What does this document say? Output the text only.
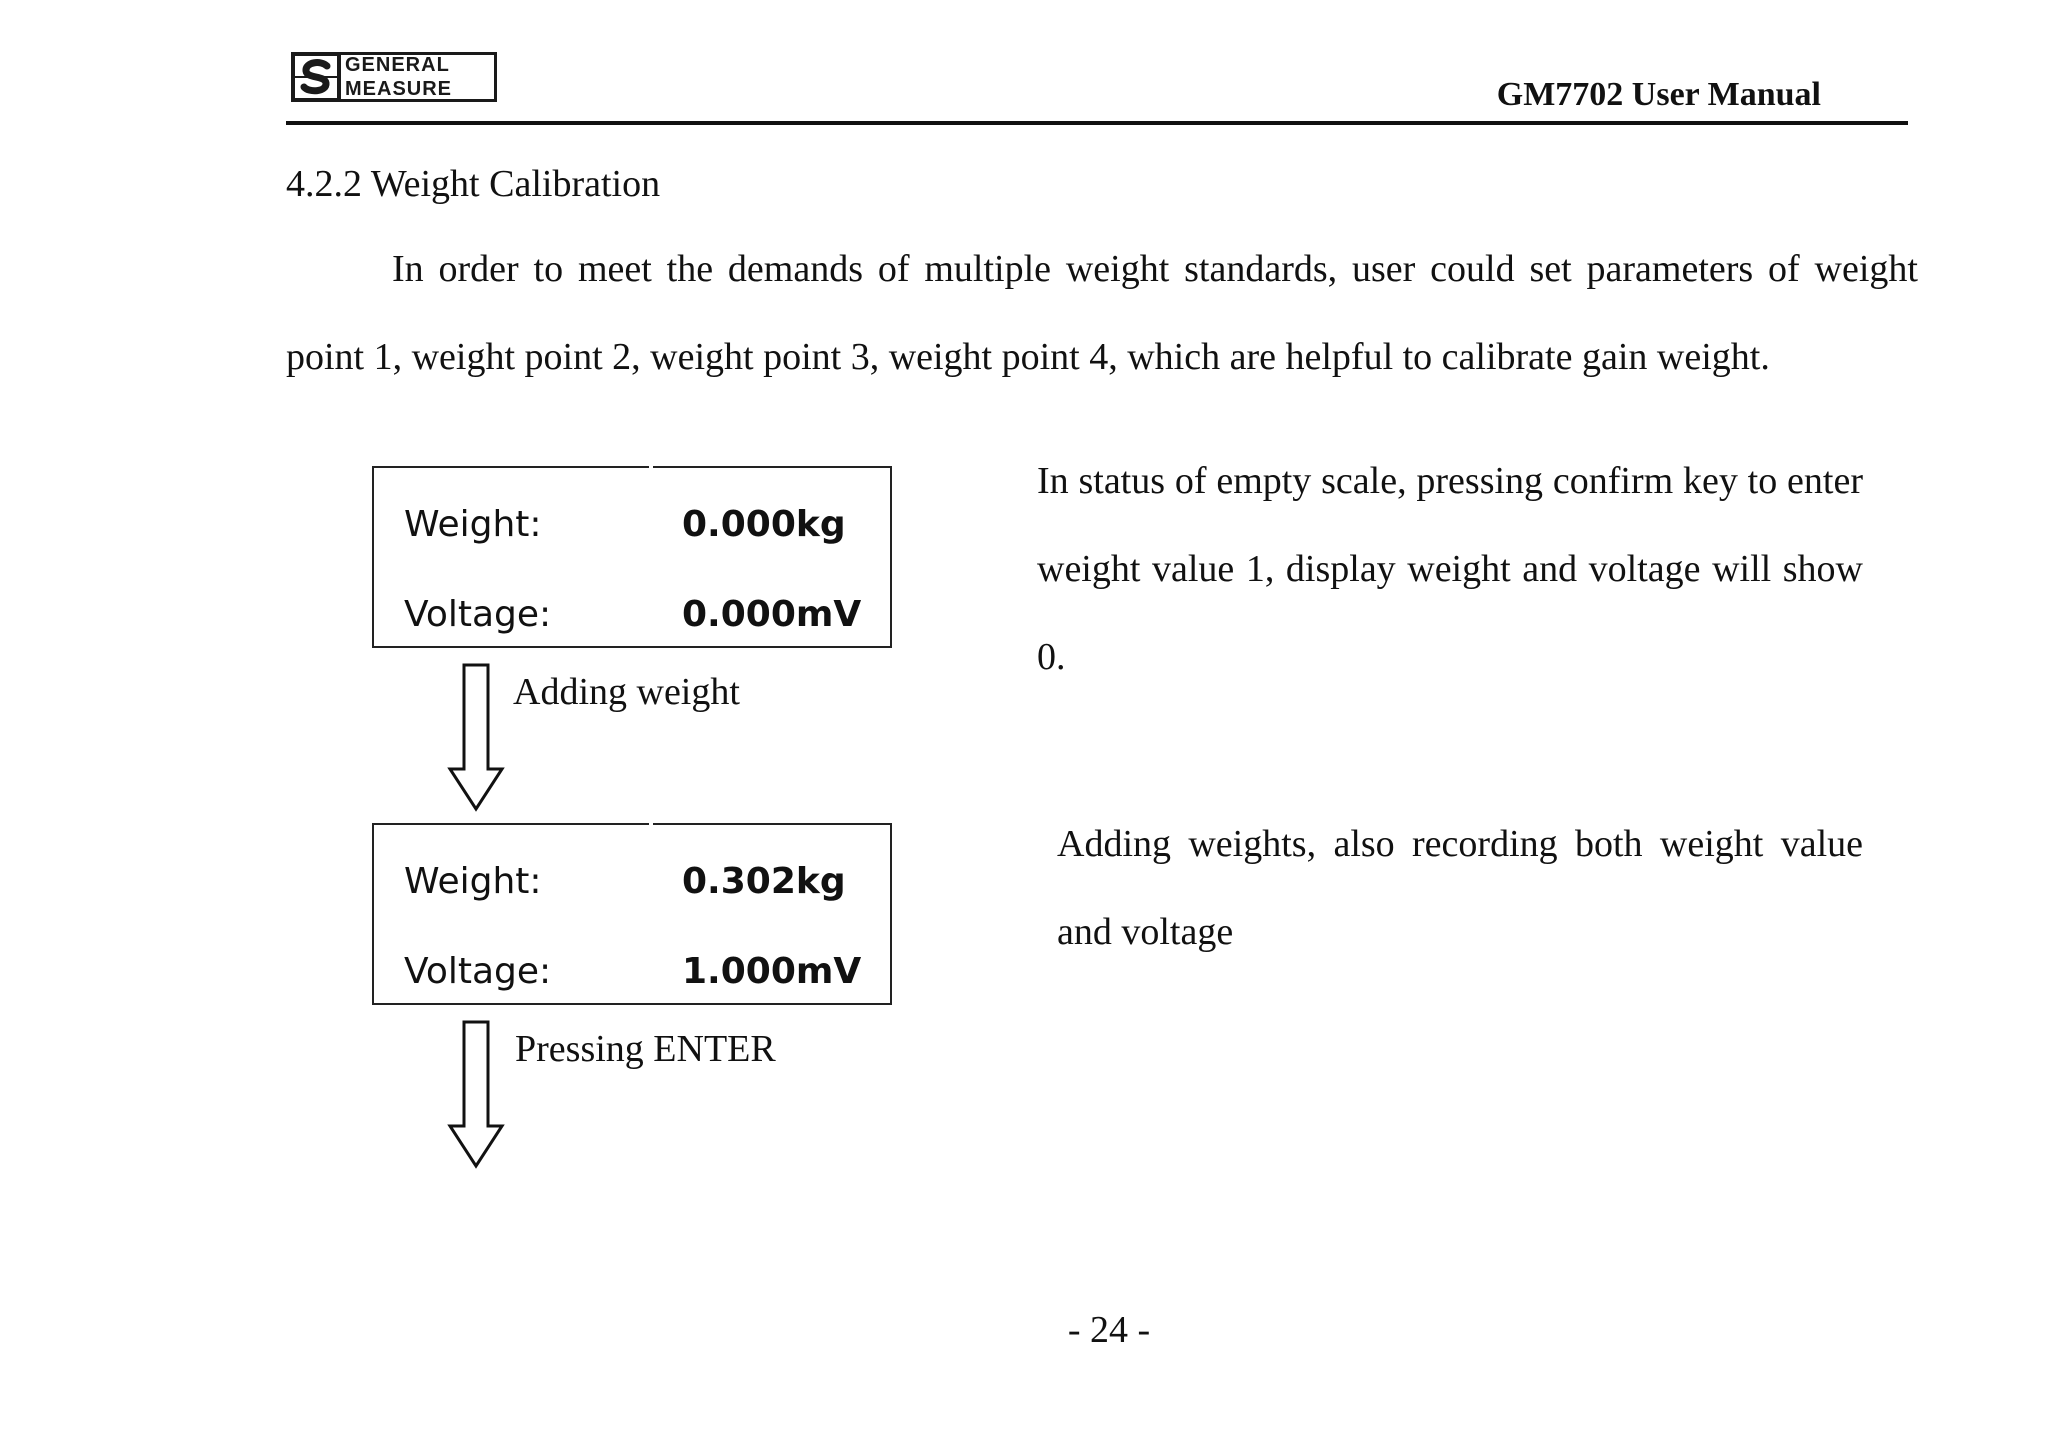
GENERAL
MEASURE	GM7702 User Manual
4.2.2 Weight Calibration

In order to meet the demands of multiple weight standards, user could set parameters of weight point 1, weight point 2, weight point 3, weight point 4, which are helpful to calibrate gain weight.

Weight:	0.000kg
Voltage:	0.000mV
Adding weight

In status of empty scale, pressing confirm key to enter weight value 1, display weight and voltage will show 0.

Weight:	0.302kg
Voltage:	1.000mV

Adding weights, also recording both weight value and voltage

Pressing ENTER
- 24 -
